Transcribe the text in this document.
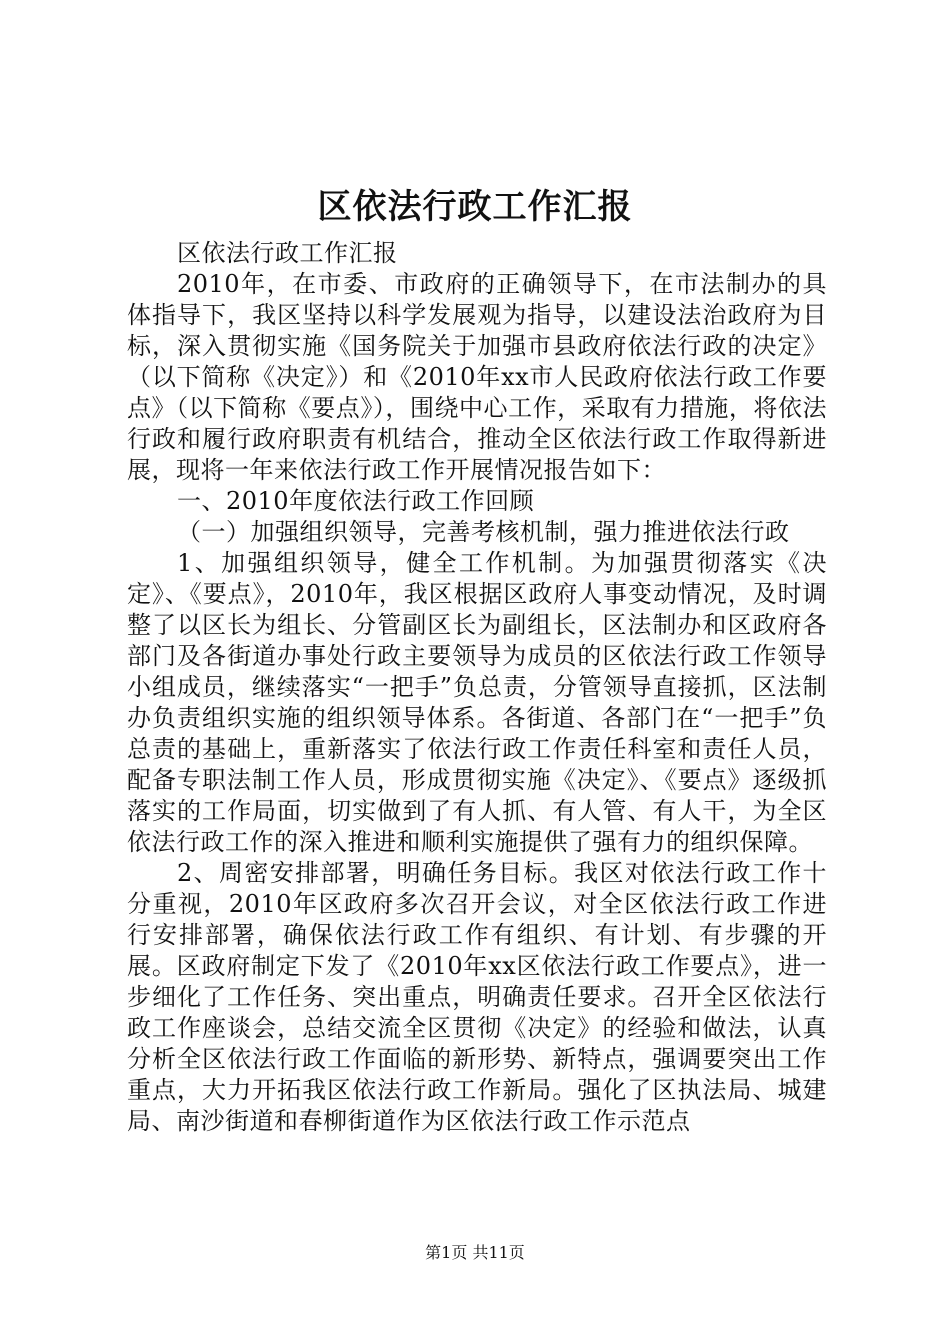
区依法行政工作汇报

区依法行政工作汇报

2010年，在市委、市政府的正确领导下，在市法制办的具体指导下，我区坚持以科学发展观为指导，以建设法治政府为目标，深入贯彻实施《国务院关于加强市县政府依法行政的决定》（以下简称《决定》）和《2010年xx市人民政府依法行政工作要点》（以下简称《要点》），围绕中心工作，采取有力措施，将依法行政和履行政府职责有机结合，推动全区依法行政工作取得新进展，现将一年来依法行政工作开展情况报告如下：

一、2010年度依法行政工作回顾

（一）加强组织领导，完善考核机制，强力推进依法行政

1、加强组织领导，健全工作机制。为加强贯彻落实《决定》、《要点》，2010年，我区根据区政府人事变动情况，及时调整了以区长为组长、分管副区长为副组长，区法制办和区政府各部门及各街道办事处行政主要领导为成员的区依法行政工作领导小组成员，继续落实“一把手”负总责，分管领导直接抓，区法制办负责组织实施的组织领导体系。各街道、各部门在“一把手”负总责的基础上，重新落实了依法行政工作责任科室和责任人员，配备专职法制工作人员，形成贯彻实施《决定》、《要点》逐级抓落实的工作局面，切实做到了有人抓、有人管、有人干，为全区依法行政工作的深入推进和顺利实施提供了强有力的组织保障。

2、周密安排部署，明确任务目标。我区对依法行政工作十分重视，2010年区政府多次召开会议，对全区依法行政工作进行安排部署，确保依法行政工作有组织、有计划、有步骤的开展。区政府制定下发了《2010年xx区依法行政工作要点》，进一步细化了工作任务、突出重点，明确责任要求。召开全区依法行政工作座谈会，总结交流全区贯彻《决定》的经验和做法，认真分析全区依法行政工作面临的新形势、新特点，强调要突出工作重点，大力开拓我区依法行政工作新局。强化了区执法局、城建局、南沙街道和春柳街道作为区依法行政工作示范点

第1页 共11页
